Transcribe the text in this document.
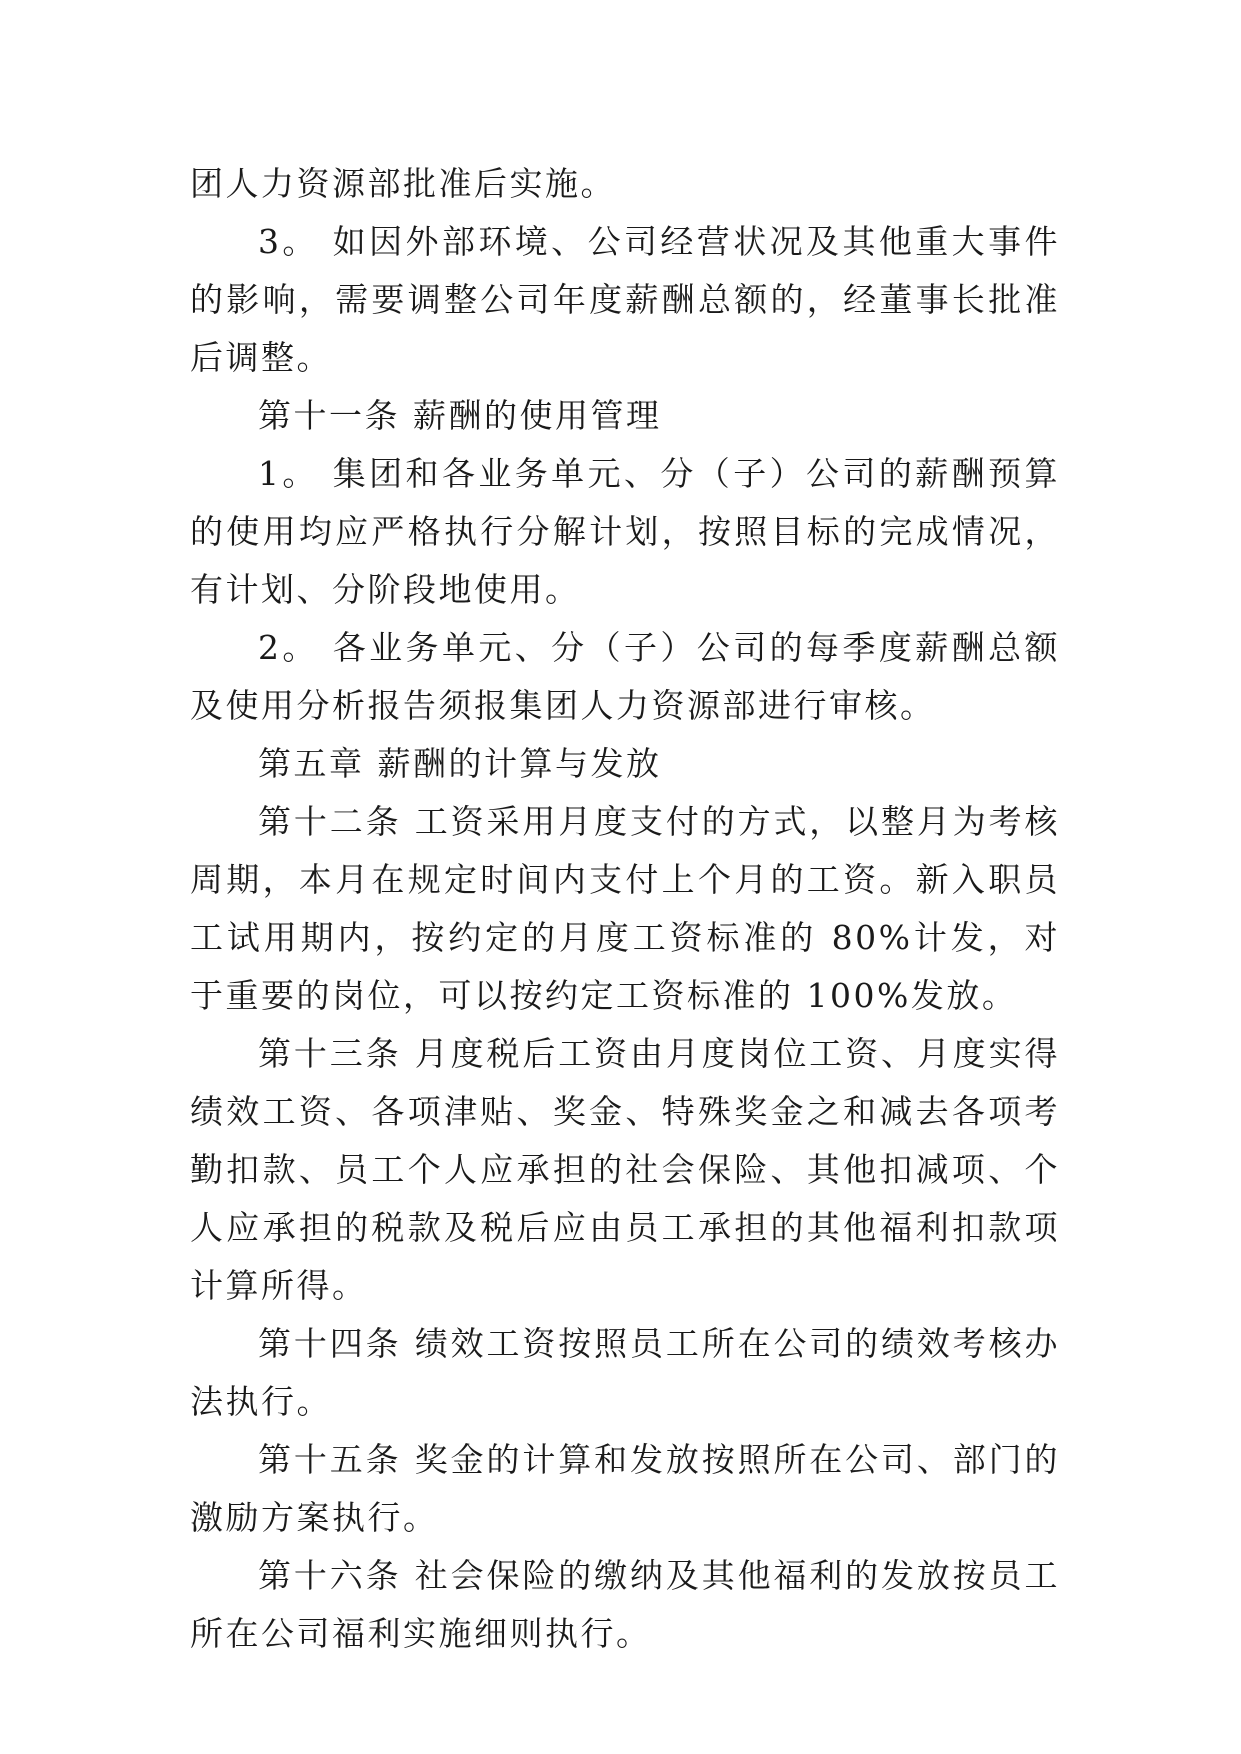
团人力资源部批准后实施。

3。 如因外部环境、公司经营状况及其他重大事件的影响，需要调整公司年度薪酬总额的，经董事长批准后调整。

第十一条 薪酬的使用管理

1。 集团和各业务单元、分（子）公司的薪酬预算的使用均应严格执行分解计划，按照目标的完成情况，有计划、分阶段地使用。

2。 各业务单元、分（子）公司的每季度薪酬总额及使用分析报告须报集团人力资源部进行审核。

第五章 薪酬的计算与发放

第十二条 工资采用月度支付的方式，以整月为考核周期，本月在规定时间内支付上个月的工资。新入职员工试用期内，按约定的月度工资标准的 80%计发，对于重要的岗位，可以按约定工资标准的 100%发放。

第十三条 月度税后工资由月度岗位工资、月度实得绩效工资、各项津贴、奖金、特殊奖金之和减去各项考勤扣款、员工个人应承担的社会保险、其他扣减项、个人应承担的税款及税后应由员工承担的其他福利扣款项计算所得。

第十四条 绩效工资按照员工所在公司的绩效考核办法执行。

第十五条 奖金的计算和发放按照所在公司、部门的激励方案执行。

第十六条 社会保险的缴纳及其他福利的发放按员工所在公司福利实施细则执行。
